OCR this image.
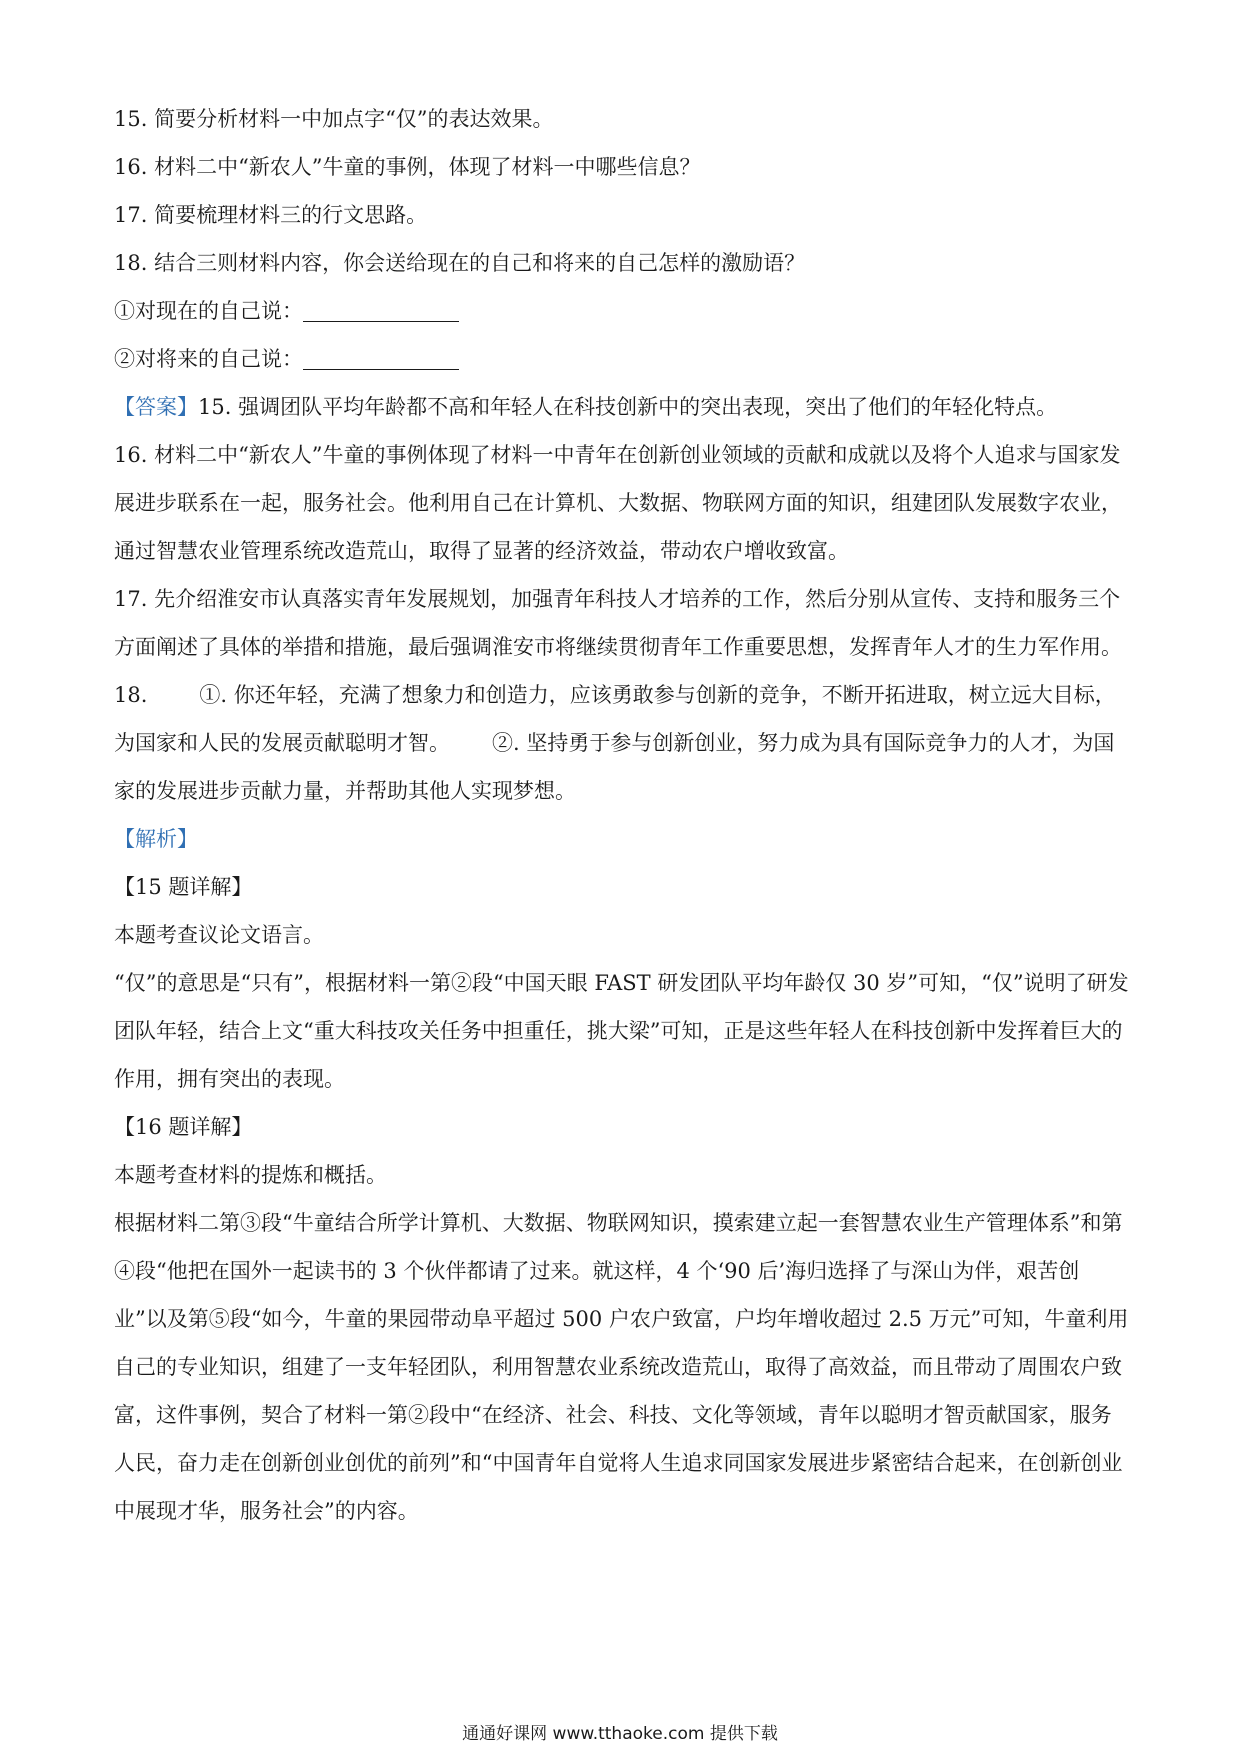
15. 简要分析材料一中加点字“仅”的表达效果。

16. 材料二中“新农人”牛童的事例，体现了材料一中哪些信息？

17. 简要梳理材料三的行文思路。

18. 结合三则材料内容，你会送给现在的自己和将来的自己怎样的激励语？

①对现在的自己说：

②对将来的自己说：

【答案】15. 强调团队平均年龄都不高和年轻人在科技创新中的突出表现，突出了他们的年轻化特点。

16. 材料二中“新农人”牛童的事例体现了材料一中青年在创新创业领域的贡献和成就以及将个人追求与国家发展进步联系在一起，服务社会。他利用自己在计算机、大数据、物联网方面的知识，组建团队发展数字农业，通过智慧农业管理系统改造荒山，取得了显著的经济效益，带动农户增收致富。

17. 先介绍淮安市认真落实青年发展规划，加强青年科技人才培养的工作，然后分别从宣传、支持和服务三个方面阐述了具体的举措和措施，最后强调淮安市将继续贯彻青年工作重要思想，发挥青年人才的生力军作用。

18. ①. 你还年轻，充满了想象力和创造力，应该勇敢参与创新的竞争，不断开拓进取，树立远大目标，为国家和人民的发展贡献聪明才智。 ②. 坚持勇于参与创新创业，努力成为具有国际竞争力的人才，为国家的发展进步贡献力量，并帮助其他人实现梦想。

【解析】

【15 题详解】

本题考查议论文语言。

“仅”的意思是“只有”，根据材料一第②段“中国天眼 FAST 研发团队平均年龄仅 30 岁”可知，“仅”说明了研发团队年轻，结合上文“重大科技攻关任务中担重任，挑大梁”可知，正是这些年轻人在科技创新中发挥着巨大的作用，拥有突出的表现。

【16 题详解】

本题考查材料的提炼和概括。

根据材料二第③段“牛童结合所学计算机、大数据、物联网知识，摸索建立起一套智慧农业生产管理体系”和第④段“他把在国外一起读书的 3 个伙伴都请了过来。就这样，4 个‘90 后’海归选择了与深山为伴，艰苦创业”以及第⑤段“如今，牛童的果园带动阜平超过 500 户农户致富，户均年增收超过 2.5 万元”可知，牛童利用自己的专业知识，组建了一支年轻团队，利用智慧农业系统改造荒山，取得了高效益，而且带动了周围农户致富，这件事例，契合了材料一第②段中“在经济、社会、科技、文化等领域，青年以聪明才智贡献国家，服务人民，奋力走在创新创业创优的前列”和“中国青年自觉将人生追求同国家发展进步紧密结合起来，在创新创业中展现才华，服务社会”的内容。

通通好课网 www.tthaoke.com 提供下载
